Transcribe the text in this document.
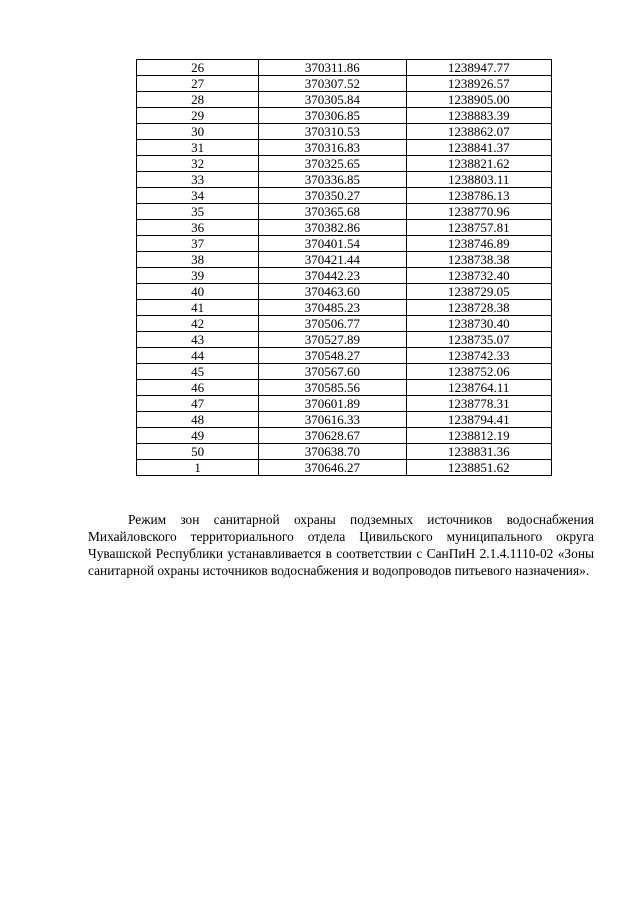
26	370311.86	1238947.77
27	370307.52	1238926.57
28	370305.84	1238905.00
29	370306.85	1238883.39
30	370310.53	1238862.07
31	370316.83	1238841.37
32	370325.65	1238821.62
33	370336.85	1238803.11
34	370350.27	1238786.13
35	370365.68	1238770.96
36	370382.86	1238757.81
37	370401.54	1238746.89
38	370421.44	1238738.38
39	370442.23	1238732.40
40	370463.60	1238729.05
41	370485.23	1238728.38
42	370506.77	1238730.40
43	370527.89	1238735.07
44	370548.27	1238742.33
45	370567.60	1238752.06
46	370585.56	1238764.11
47	370601.89	1238778.31
48	370616.33	1238794.41
49	370628.67	1238812.19
50	370638.70	1238831.36
1	370646.27	1238851.62

Режим зон санитарной охраны подземных источников водоснабжения Михайловского территориального отдела Цивильского муниципального округа Чувашской Республики устанавливается в соответствии с СанПиН 2.1.4.1110-02 «Зоны санитарной охраны источников водоснабжения и водопроводов питьевого назначения».
